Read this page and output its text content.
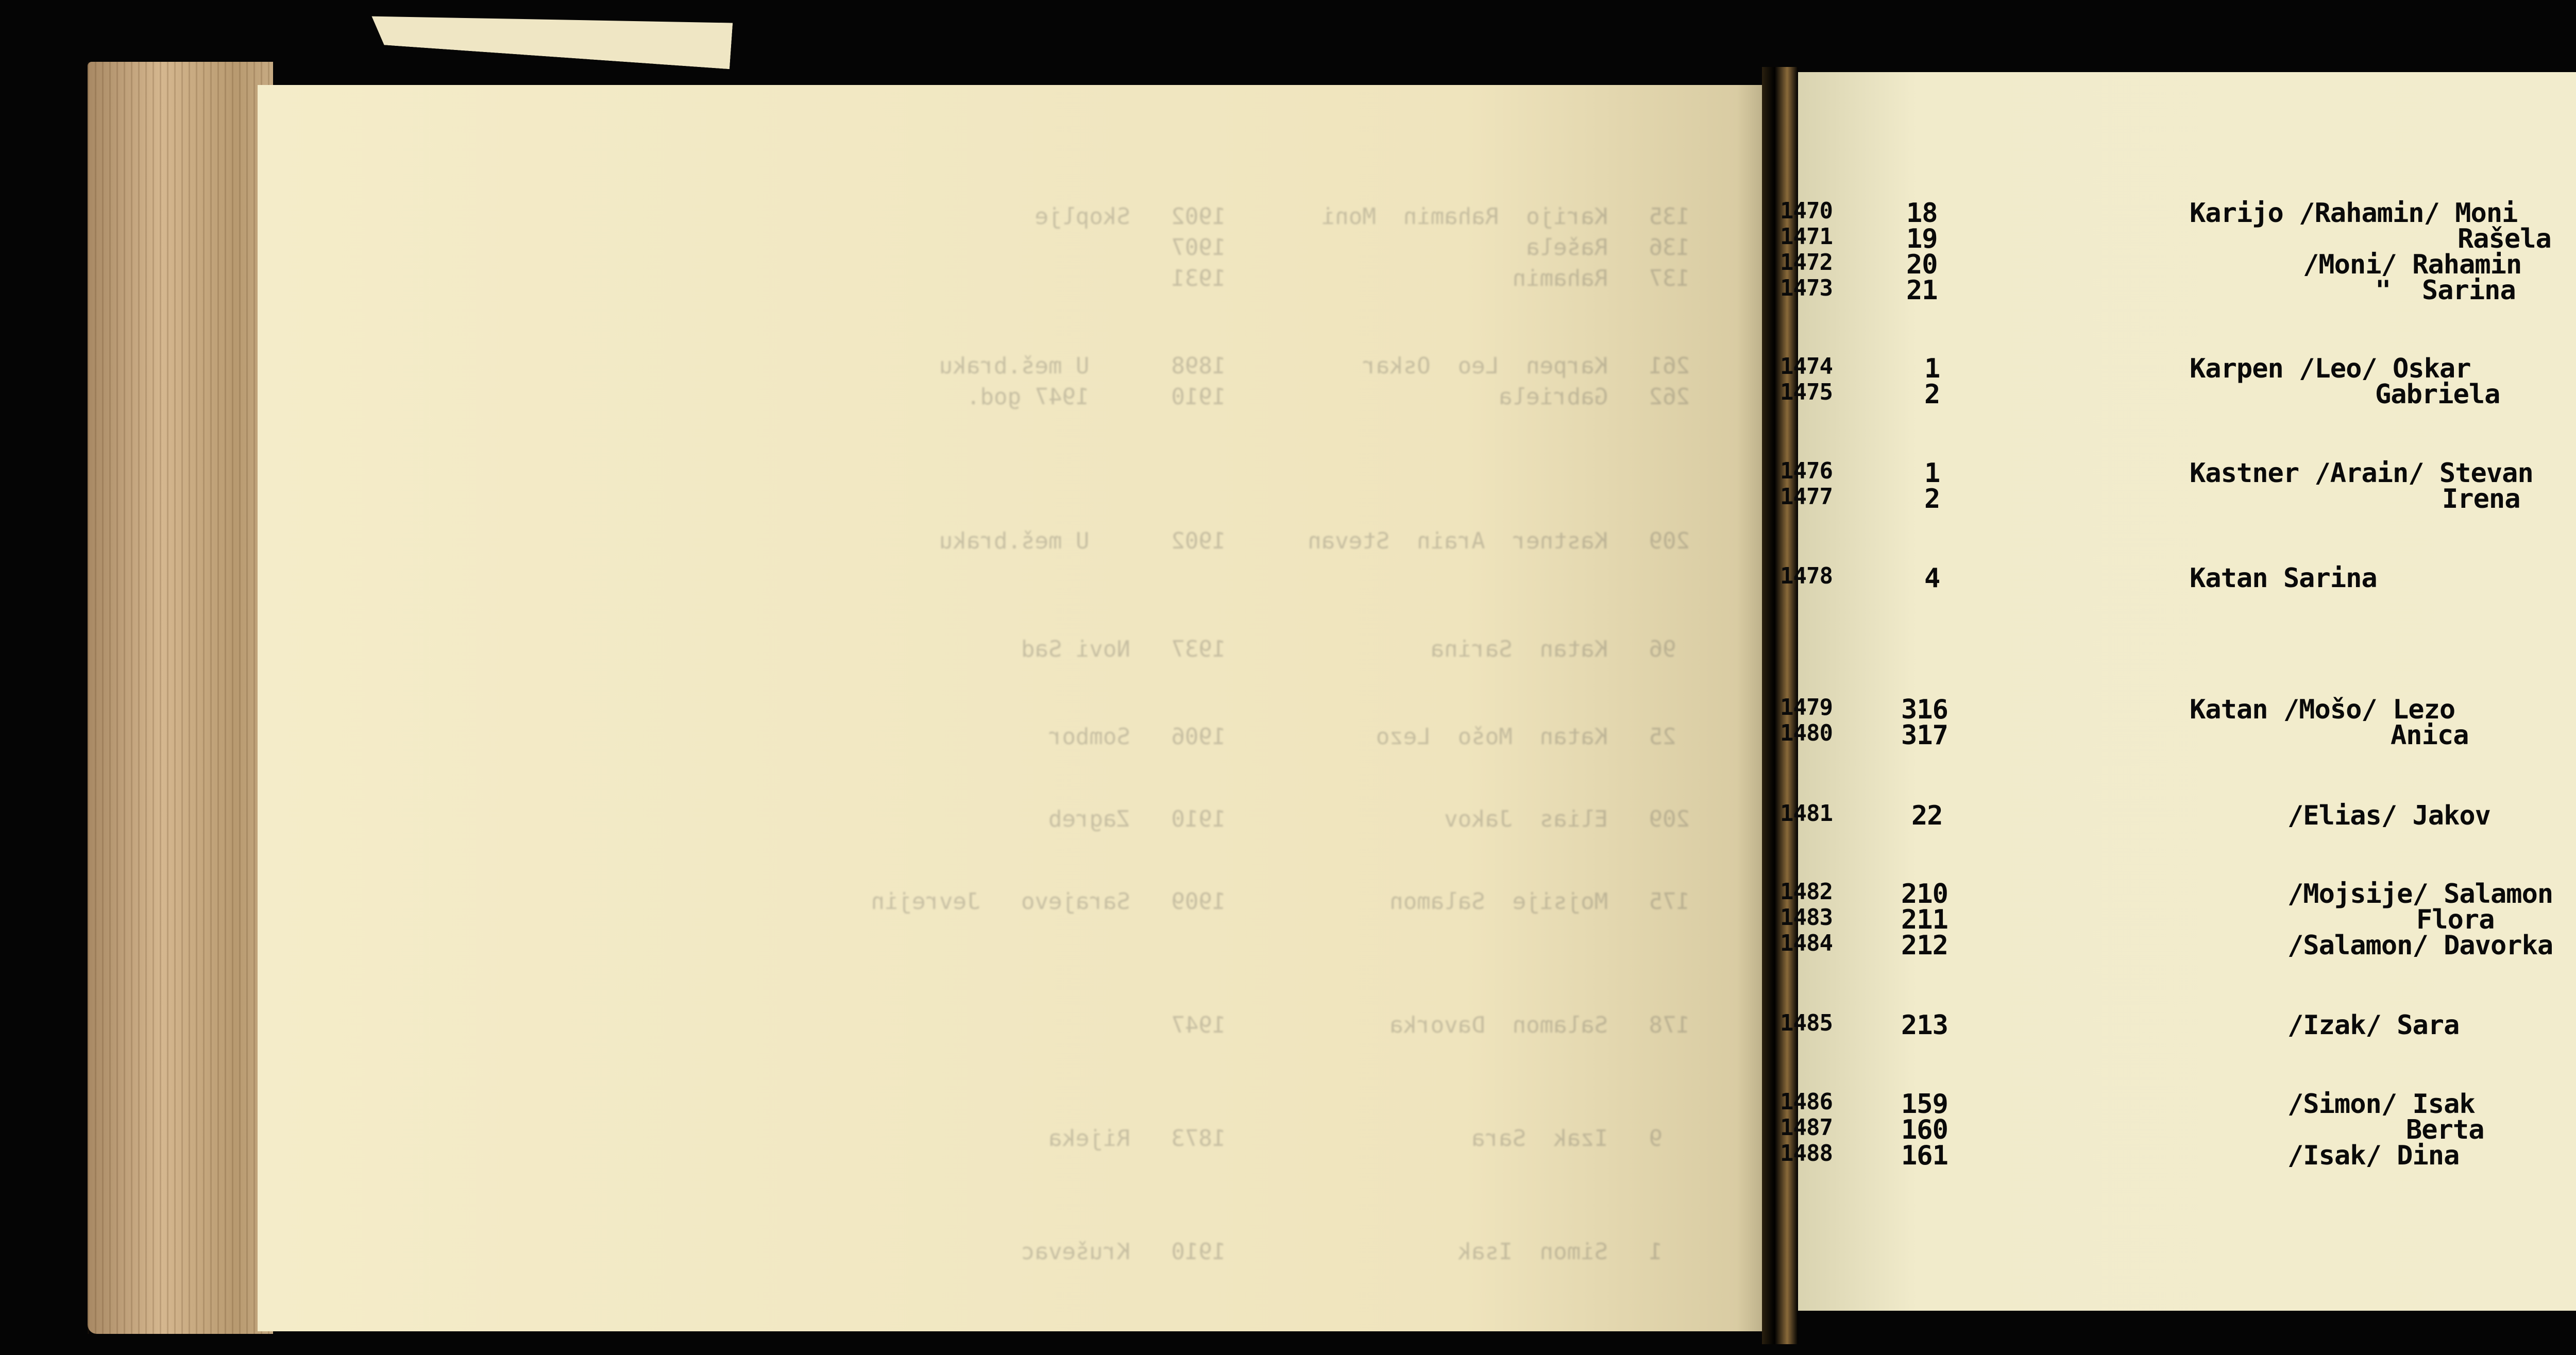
135   Karijo  Rahamin  Moni       1902   Skoplje
136   Rašela                      1907
137   Rahamin                     1931
261   Karpen  Leo  Oskar          1898      U meš.braku
262   Gabriela                    1910      1947 god.
209   Kastner  Arain  Stevan      1902      U meš.braku
96   Katan  Sarina               1937   Novi Sad
25   Katan  Mošo  Lezo           1906   Sombor
209   Elias  Jakov                1910   Zagreb
175   Mojsije  Salamon            1909   Sarajevo   Jevrejin
178   Salamon  Davorka            1947
9   Izak  Sara                  1873   Rijeka
1   Simon  Isak                 1910   Kruševac
1470	18	Karijo /Rahamin/ Moni
1471	19	Rašela
1472	20	/Moni/ Rahamin
1473	21	"  Sarina
1474	1	Karpen /Leo/ Oskar
1475	2	Gabriela
1476	1	Kastner /Arain/ Stevan
1477	2	Irena
1478	4	Katan Sarina
1479	316	Katan /Mošo/ Lezo
1480	317	Anica
1481	22	/Elias/ Jakov
1482	210	/Mojsije/ Salamon
1483	211	Flora
1484	212	/Salamon/ Davorka
1485	213	/Izak/ Sara
1486	159	/Simon/ Isak
1487	160	Berta
1488	161	/Isak/ Dina
